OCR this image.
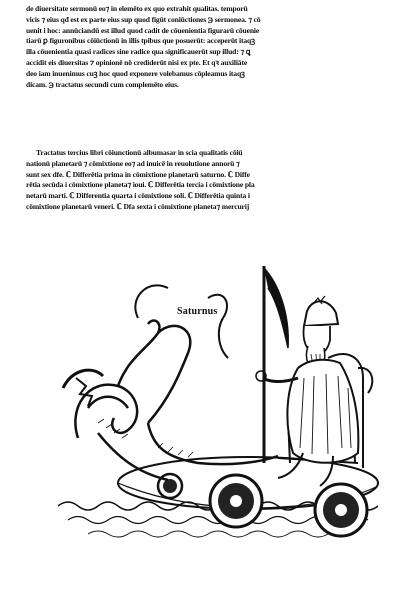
de diuersitate sermonū eo⁊ in elemēto ex quo extrahit qualitas. temporū
vicis ⁊ eius qđ est ex parte eius sup quod figūt coniūctiones ℈ sermonea. ⁊ cō
uenit i hoc: annūciandū est illud quod cadit de cōuenientia figurarū cōuenie
tiarū ꝑ figuronibus cōiūctionū in illis tpibus que posuerūt: acceperūt itaqꝫ
illa cōuenientia quasi radices sine radice qua significauerūt sup illud: ⁊ ꝗ
accidit eis diuersitas ⁊ opinionē nō crediderūt nisi ex pte. Et qꝛ auxiliāte
deo iam inuenimus cuꝫ hoc quod exponere volebamus cōpleamus itaqꝫ
dicam. ℈ tractatus secundi cum complemēto eius.
Tractatus tercius libri cōiunctionū albumasar in scia qualitatis cōiū
nationū planetarū ⁊ cōmixtione eo⁊ ad inuicē in reuolutione annorū ⁊
sunt sex dfe. ℂ Differētia prima in cōmixtione planetarū saturno. ℂ Diffe
rētia secūda i cōmixtione planeta⁊ ioui. ℂ Differētia tercia i cōmixtione pla
netarū marti. ℂ Differentia quarta i cōmixtione soli. ℂ Differētia quinta i
cōmixtione planetarū veneri. ℂ Dfa sexta i cōmixtione planeta⁊ mercurij
Saturnus
